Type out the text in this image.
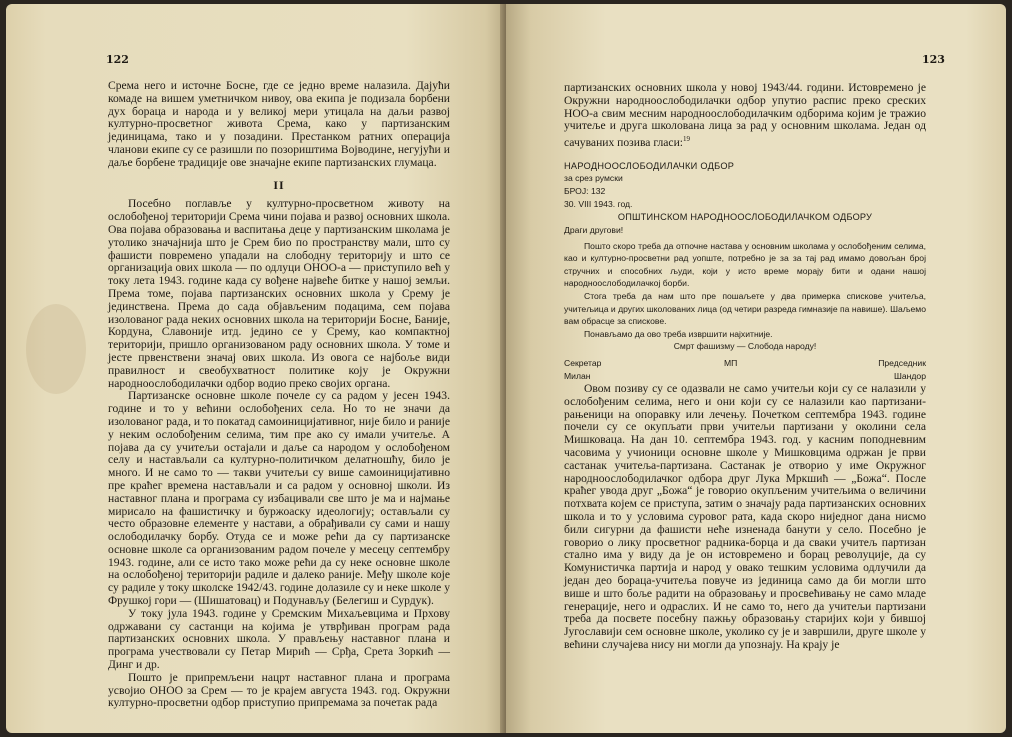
122

Срема него и источне Босне, где се једно време налазила. Дајући комаде на вишем уметничком нивоу, ова екипа је подизала борбени дух бораца и народа и у великој мери утицала на даљи развој културно-просветног живота Срема, како у партизанским јединицама, тако и у позадини. Престанком ратних операција чланови екипе су се разишли по позориштима Војводине, негујући и даље борбене традиције ове значајне екипе партизанских глумаца.

II

Посебно поглавље у културно-просветном животу на ослобођеној територији Срема чини појава и развој основних школа. Ова појава образовања и васпитања деце у партизанским школама је утолико значајнија што је Срем био по пространству мали, што су фашисти повремено упадали на слободну територију и што се организација ових школа — по одлуци ОНОО-а — приступило већ у току лета 1943. године када су вођене највеће битке у нашој земљи. Према томе, појава партизанских основних школа у Срему је јединствена. Према до сада објављеним подацима, сем појава изолованог рада неких основних школа на територији Босне, Баније, Кордуна, Славоније итд. једино се у Срему, као компактној територији, пришло организованом раду основних школа. У томе и јесте првенствени значај ових школа. Из овога се најбоље види правилност и свеобухватност политике коју је Окружни народноослободилачки одбор водио преко својих органа.

Партизанске основне школе почеле су са радом у јесен 1943. године и то у већини ослобођених села. Но то не значи да изолованог рада, и то покатад самоиницијативног, није било и раније у неким ослобођеним селима, тим пре ако су имали учитеље. А појава да су учитељи остајали и даље са народом у ослобођеном селу и настављали са културно-политичком делатношћу, било је много. И не само то — такви учитељи су више самоиницијативно пре краћег времена настављали и са радом у основној школи. Из наставног плана и програма су избацивали све што је ма и најмање мирисало на фашистичку и буржоаску идеологију; остављали су често образовне елементе у настави, а обрађивали су сами и нашу ослободилачку борбу. Отуда се и може рећи да су партизанске основне школе са организованим радом почеле у месецу септембру 1943. године, али се исто тако може рећи да су неке основне школе на ослобођеној територији радиле и далеко раније. Међу школе које су радиле у току школске 1942/43. године долазиле су и неке школе у Фрушкој гори — (Шишатовац) и Подунављу (Белегиш и Сурдук).

У току јула 1943. године у Сремским Михаљевцима и Прхову одржавани су састанци на којима је утврђиван програм рада партизанских основних школа. У прављењу наставног плана и програма учествовали су Петар Мирић — Срђа, Срета Зоркић — Динг и др.

Пошто је припремљени нацрт наставног плана и програма усвојио ОНОО за Срем — то је крајем августа 1943. год. Окружни културно-просветни одбор приступио припремама за почетак рада

123

партизанских основних школа у новој 1943/44. години. Истовремено је Окружни народноослободилачки одбор упутио распис преко среских НОО-а свим месним народноослободилачким одборима којим је тражио учитеље и друга школована лица за рад у основним школама. Један од сачуваних позива гласи:$^{19}$

НАРОДНООСЛОБОДИЛАЧКИ ОДБОР

за срез румски

БРОЈ: 132

30. VIII 1943. год.

ОПШТИНСКОМ НАРОДНООСЛОБОДИЛАЧКОМ ОДБОРУ

Драги другови!

Пошто скоро треба да отпочне настава у основним школама у ослобођеним селима, као и културно-просветни рад уопште, потребно је за за тај рад имамо довољан број стручних и способних људи, који у исто време морају бити и одани нашој народноослободилачкој борби.

Стога треба да нам што пре пошаљете у два примерка спискове учитеља, учитељица и других школованих лица (од четири разреда гимназије па навише). Шаљемо вам обрасце за спискове.

Понављамо да ово треба извршити најхитније.

Смрт фашизму — Слобода народу!

Секретар
Милан
МП	Председник
Шандор

Овом позиву су се одазвали не само учитељи који су се налазили у ослобођеним селима, него и они који су се налазили као партизани-рањеници на опоравку или лечењу. Почетком септембра 1943. године почели су се окупљати први учитељи партизани у околини села Мишковаца. На дан 10. септембра 1943. год. у касним поподневним часовима у учионици основне школе у Мишковцима одржан је први састанак учитеља-партизана. Састанак је отворио у име Окружног народноослободилачког одбора друг Лука Мркшић — „Божа“. После краћег увода друг „Божа“ је говорио окупљеним учитељима о величини потхвата којем се приступа, затим о значају рада партизанских основних школа и то у условима суровог рата, када скоро ниједног дана нисмо били сигурни да фашисти неће изненада банути у село. Посебно је говорио о лику просветног радника-борца и да сваки учитељ партизан стално има у виду да је он истовремено и борац револуције, да су Комунистичка партија и народ у овако тешким условима одлучили да један део бораца-учитеља повуче из јединица само да би могли што више и што боље радити на образовању и просвећивању не само младе генерације, него и одраслих. И не само то, него да учитељи партизани треба да посвете посебну пажњу образовању старијих који у бившој Југославији сем основне школе, уколико су је и завршили, друге школе у већини случајева нису ни могли да упознају. На крају је
